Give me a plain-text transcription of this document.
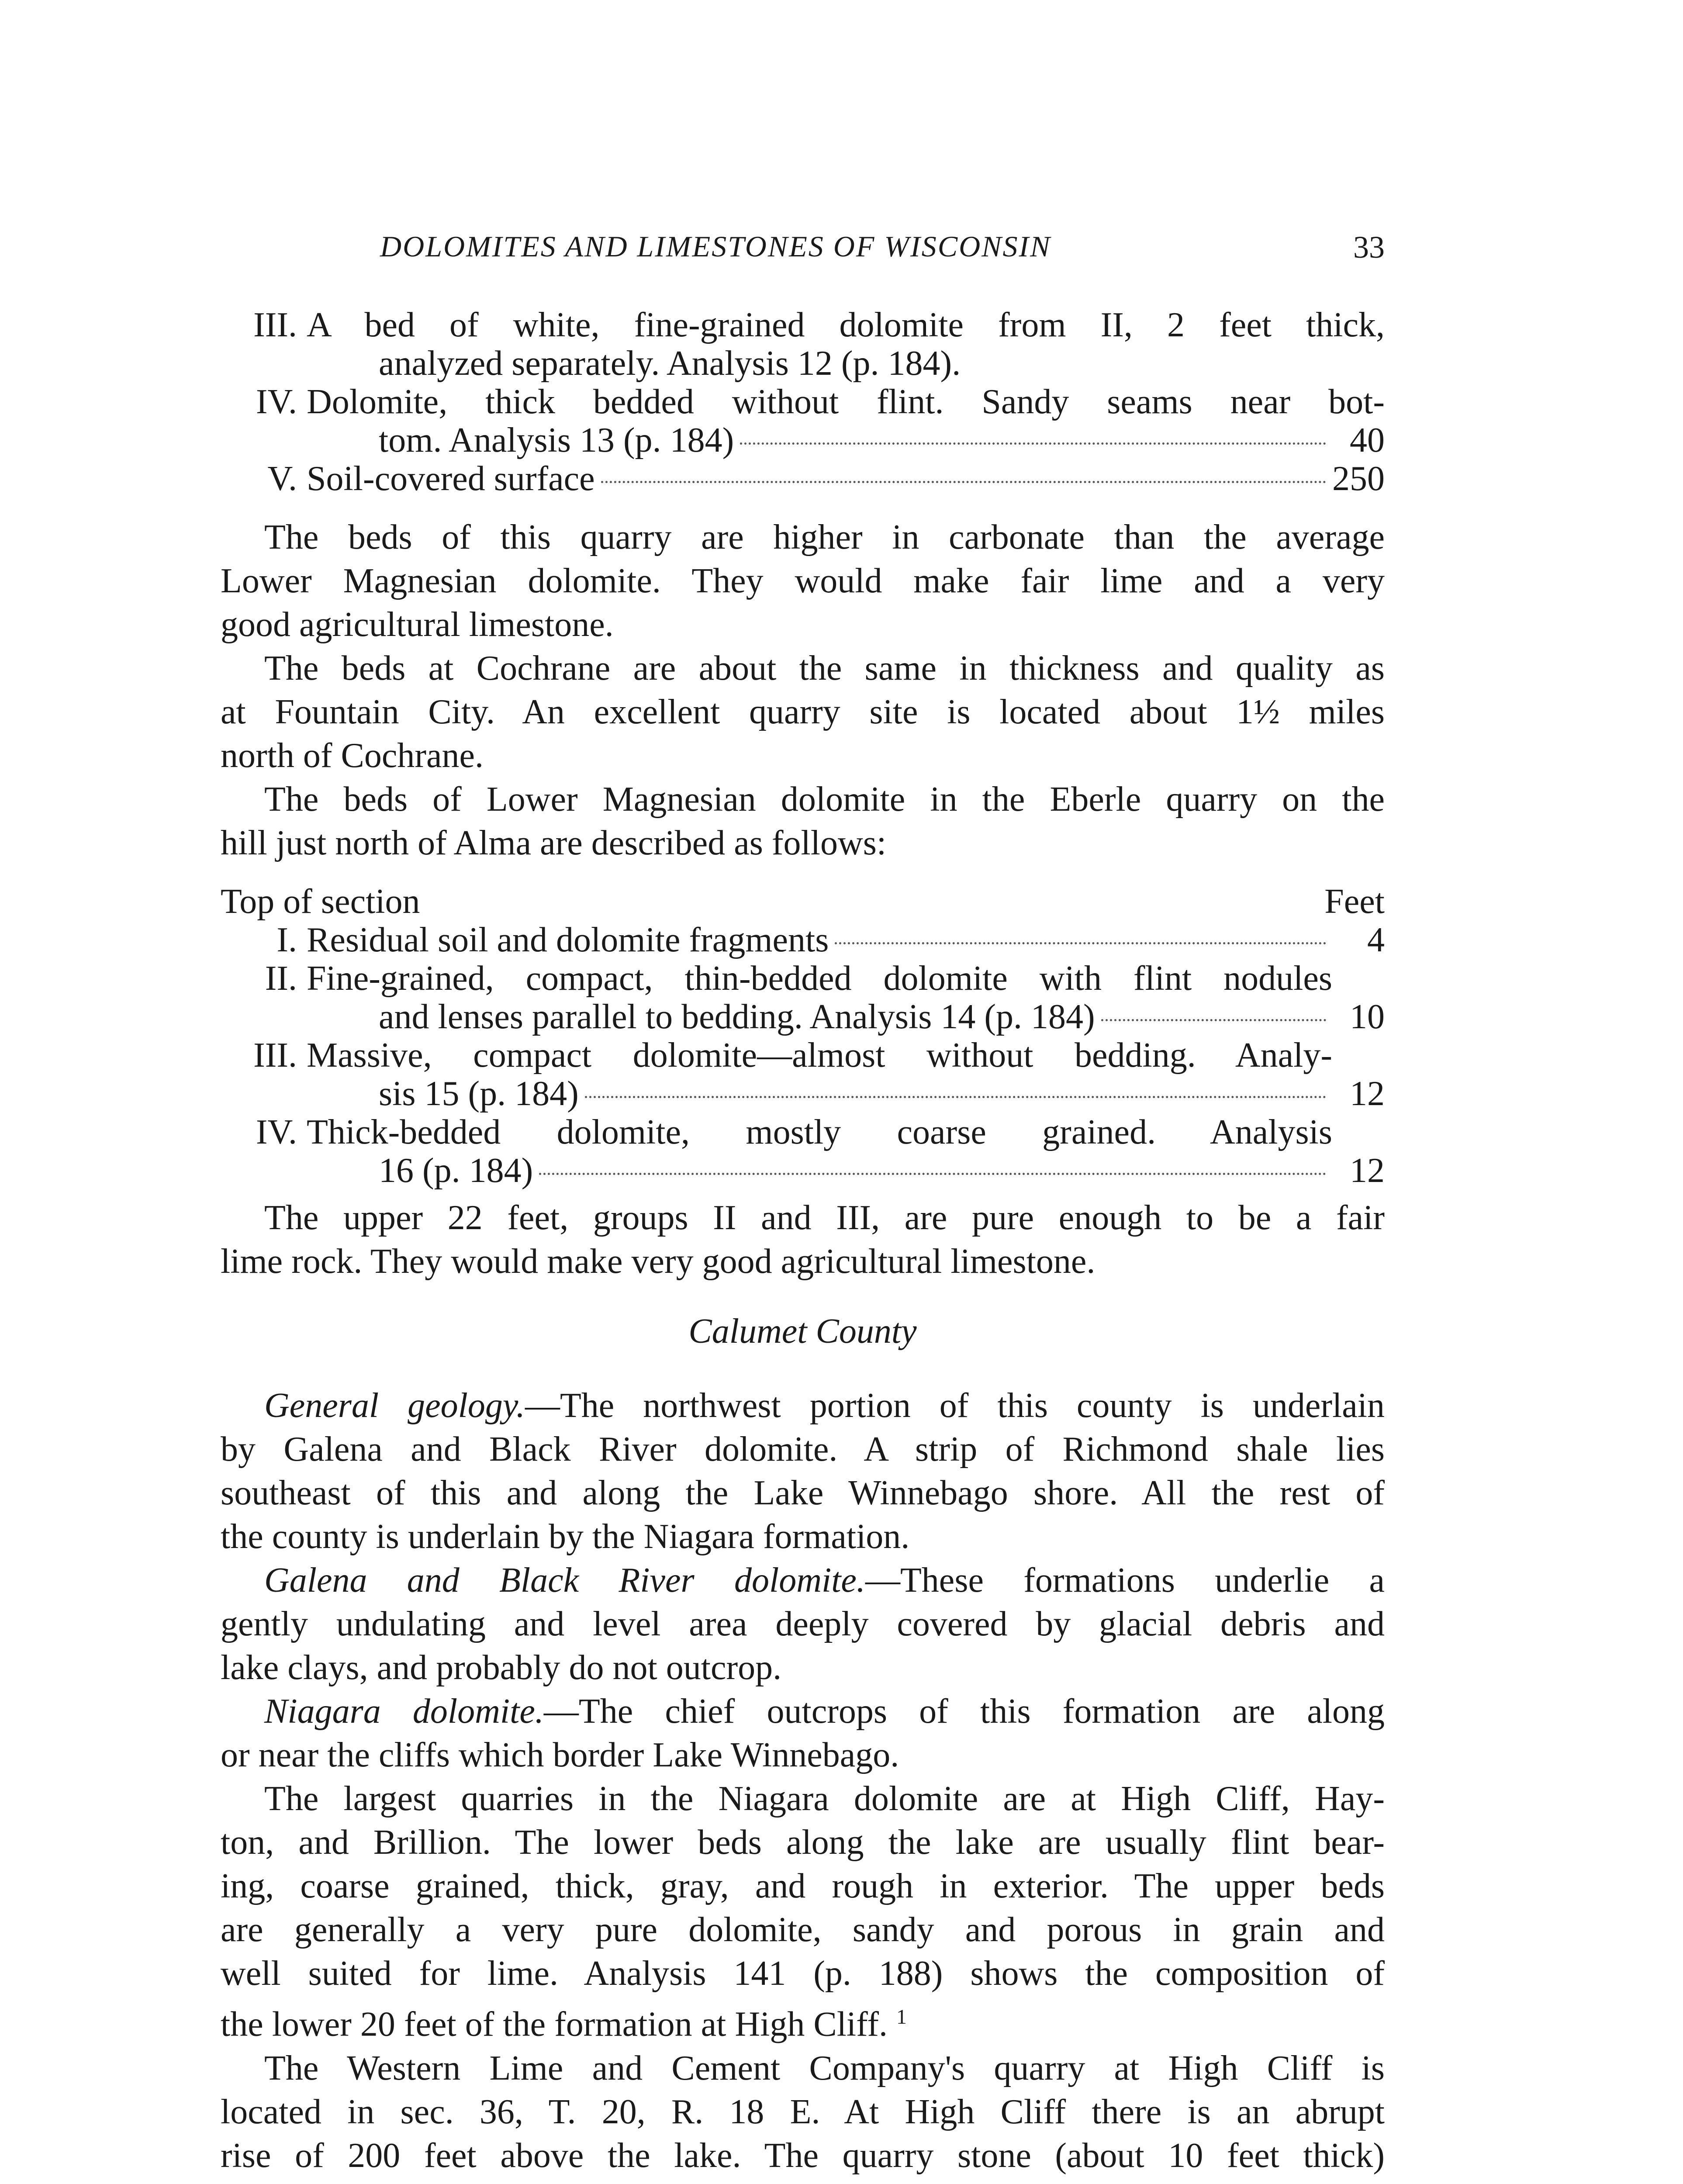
DOLOMITES AND LIMESTONES OF WISCONSIN	33
III. A bed of white, fine-grained dolomite from II, 2 feet thick,
analyzed separately. Analysis 12 (p. 184).
IV. Dolomite, thick bedded without flint. Sandy seams near bot-
tom. Analysis 13 (p. 184)	40
V. Soil-covered surface	250
The beds of this quarry are higher in carbonate than the average
Lower Magnesian dolomite. They would make fair lime and a very
good agricultural limestone.
The beds at Cochrane are about the same in thickness and quality as
at Fountain City. An excellent quarry site is located about 1½ miles
north of Cochrane.
The beds of Lower Magnesian dolomite in the Eberle quarry on the
hill just north of Alma are described as follows:
Top of section	Feet
I. Residual soil and dolomite fragments	4
II. Fine-grained, compact, thin-bedded dolomite with flint nodules
and lenses parallel to bedding. Analysis 14 (p. 184)	10
III. Massive, compact dolomite—almost without bedding. Analy-
sis 15 (p. 184)	12
IV. Thick-bedded dolomite, mostly coarse grained. Analysis
16 (p. 184)	12
The upper 22 feet, groups II and III, are pure enough to be a fair
lime rock. They would make very good agricultural limestone.
Calumet County
General geology.—The northwest portion of this county is underlain
by Galena and Black River dolomite. A strip of Richmond shale lies
southeast of this and along the Lake Winnebago shore. All the rest of
the county is underlain by the Niagara formation.
Galena and Black River dolomite.—These formations underlie a
gently undulating and level area deeply covered by glacial debris and
lake clays, and probably do not outcrop.
Niagara dolomite.—The chief outcrops of this formation are along
or near the cliffs which border Lake Winnebago.
The largest quarries in the Niagara dolomite are at High Cliff, Hay-
ton, and Brillion. The lower beds along the lake are usually flint bear-
ing, coarse grained, thick, gray, and rough in exterior. The upper beds
are generally a very pure dolomite, sandy and porous in grain and
well suited for lime. Analysis 141 (p. 188) shows the composition of
the lower 20 feet of the formation at High Cliff. $^1$
The Western Lime and Cement Company's quarry at High Cliff is
located in sec. 36, T. 20, R. 18 E. At High Cliff there is an abrupt
rise of 200 feet above the lake. The quarry stone (about 10 feet thick)
